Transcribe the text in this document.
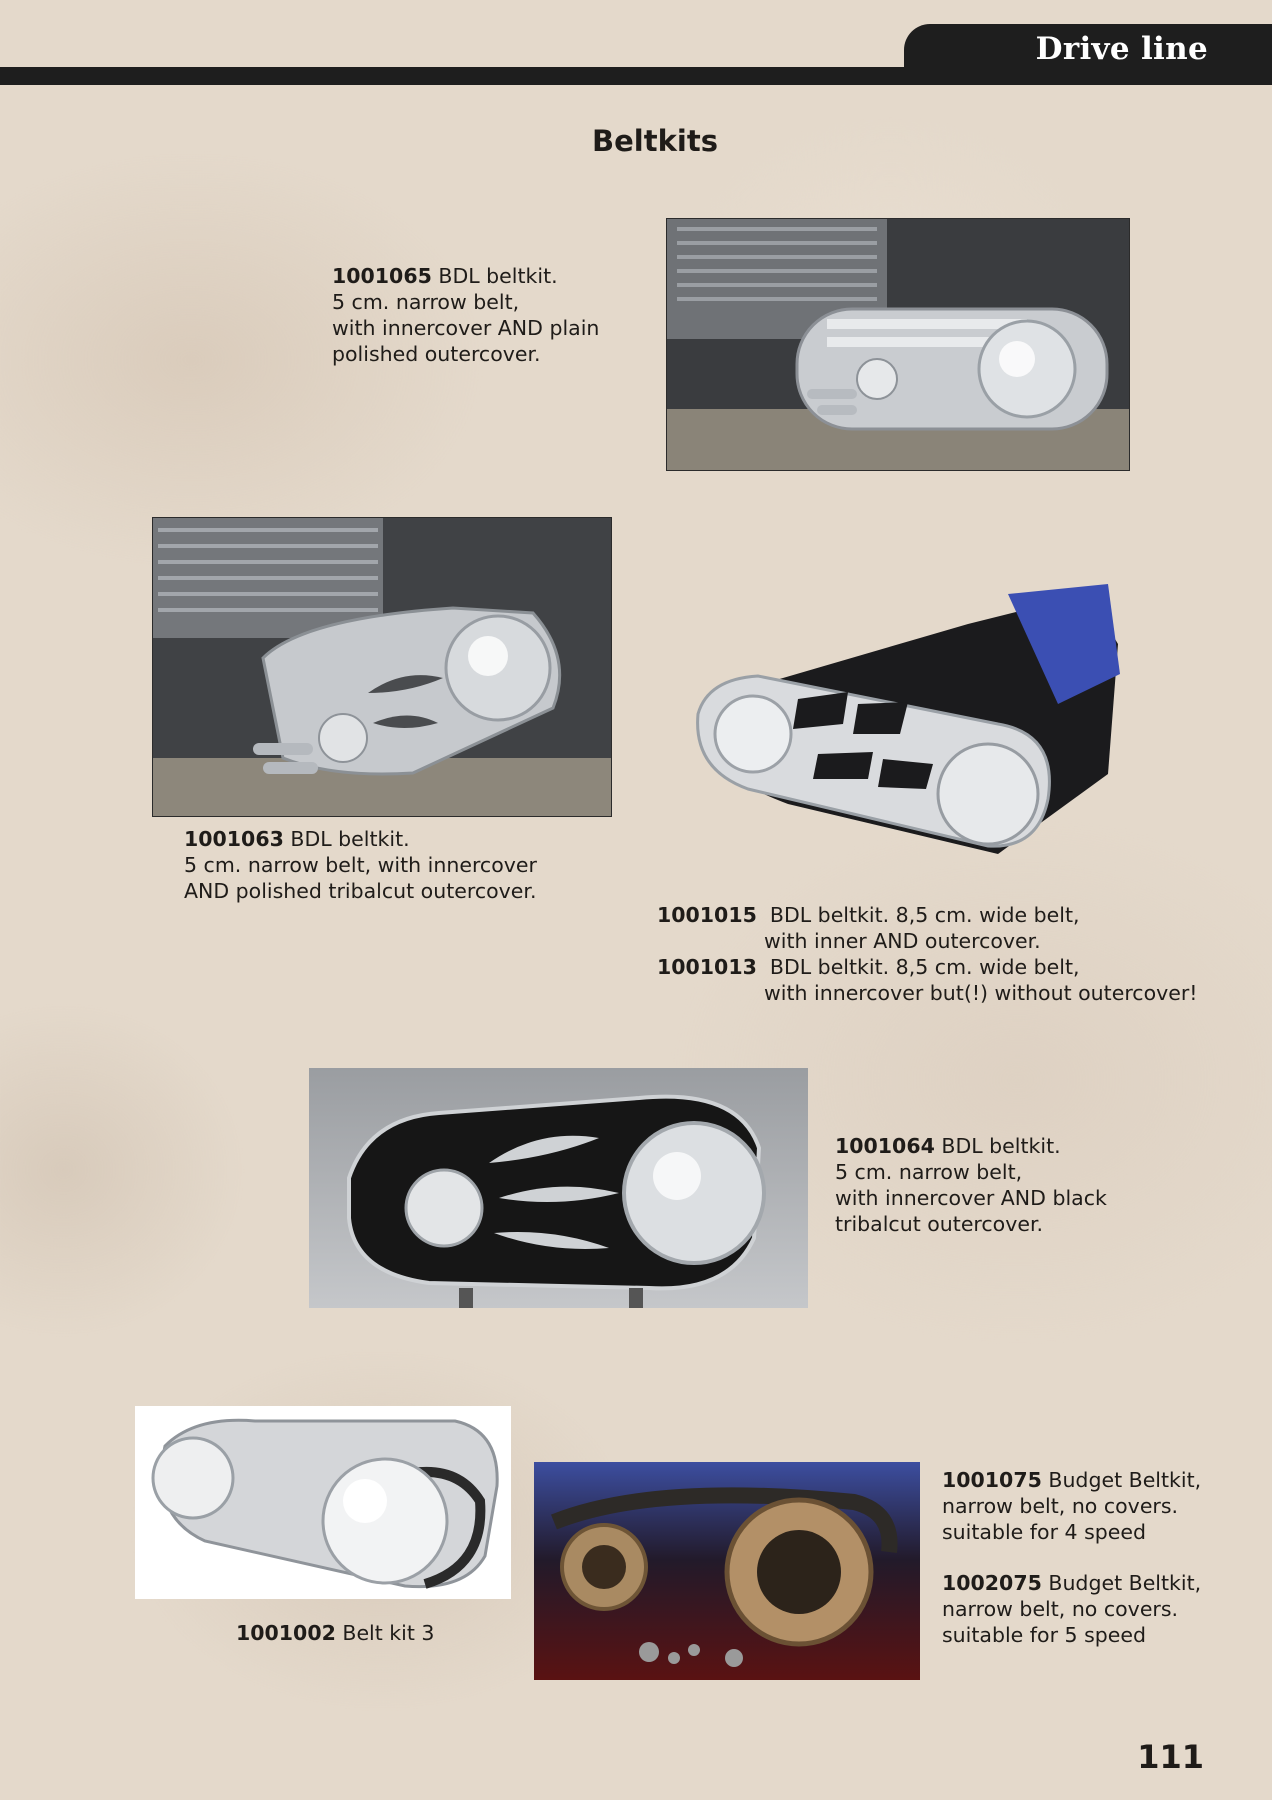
Drive line
Beltkits
1001065 BDL beltkit.
5 cm. narrow belt,
with innercover AND plain
polished outercover.
1001063 BDL beltkit.
5 cm. narrow belt, with innercover
AND polished tribalcut outercover.
1001015  BDL beltkit. 8,5 cm. wide belt,
with inner AND outercover.
1001013  BDL beltkit. 8,5 cm. wide belt,
with innercover but(!) without outercover!
1001064 BDL beltkit.
5 cm. narrow belt,
with innercover AND black
tribalcut outercover.
1001002 Belt kit 3
1001075 Budget Beltkit,
narrow belt, no covers.
suitable for 4 speed
1002075 Budget Beltkit,
narrow belt, no covers.
suitable for 5 speed
111
